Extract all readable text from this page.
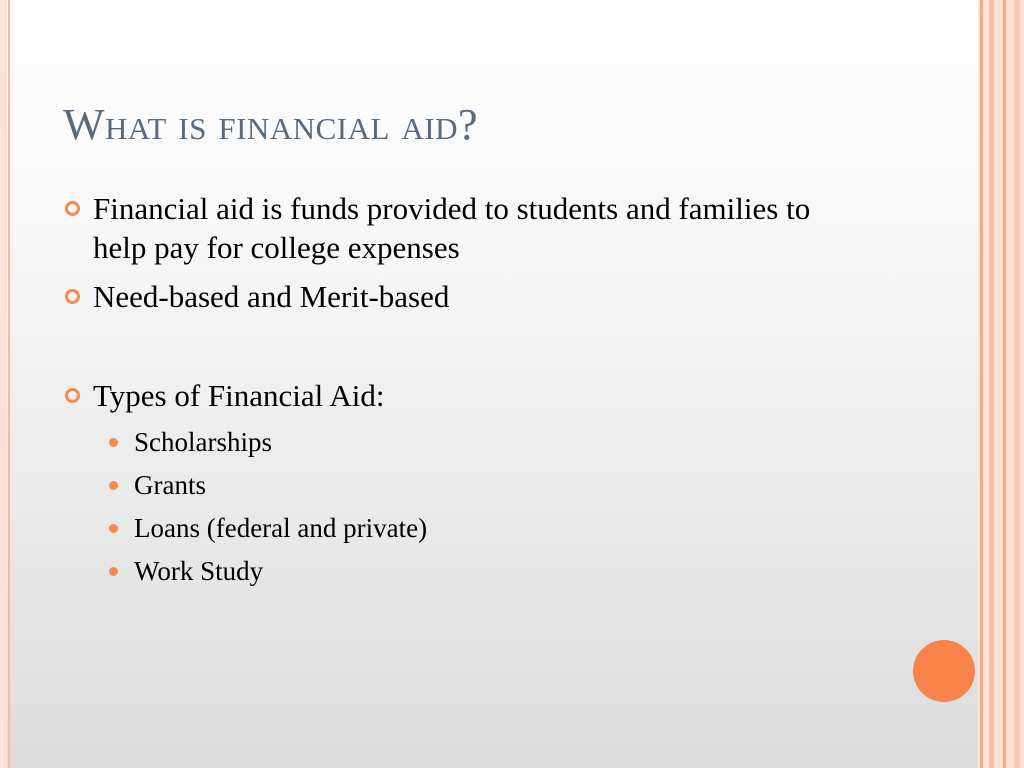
What is financial aid?
Financial aid is funds provided to students and families to help pay for college expenses
Need-based and Merit-based
Types of Financial Aid:
Scholarships
Grants
Loans (federal and private)
Work Study
